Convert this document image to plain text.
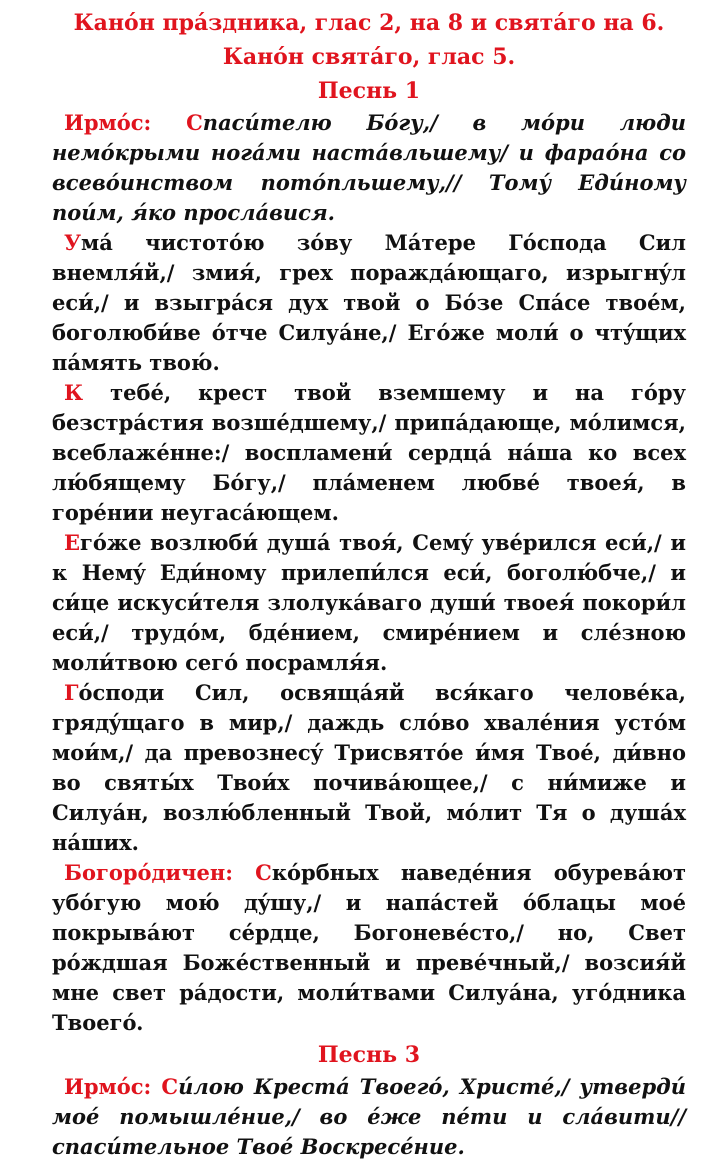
Канóн прáздника, глас 2, на 8 и святáго на 6.
Канóн святáго, глас 5.
Песнь 1

Ирмóс: Спасúтелю Бóгу,/ в мóри люди немóкрыми ногáми настáвльшему/ и фараóна со всевóинством потóпльшему,// Томý Еди́ному пои́м, я́ко прослáвися.

Умá чистотóю зóву Мáтере Гóспода Сил внемля́й,/ змия́, грех пораждáющаго, изрыгнýл еси́,/ и взыгрáся дух твой о Бóзе Спáсе твоéм, боголюби́ве óтче Силуáне,/ Егóже моли́ о чтýщих пáмять твою́.

К тебé, крест твой вземшему и на гóру безстрáстия возшéдшему,/ припáдающе, мóлимся, всеблажéнне:/ воспламени́ сердцá нáша ко всех лю́бящему Бóгу,/ плáменем любвé твоея́, в горéнии неугасáющем.

Егóже возлюби́ душá твоя́, Семý увéрился еси́,/ и к Немý Еди́ному прилепи́лся еси́, боголю́бче,/ и си́це искуси́теля злолукáваго души́ твоея́ покори́л еси́,/ трудóм, бдéнием, смирéнием и слéзною моли́твою сегó посрамля́я.

Гóсподи Сил, освящáяй вся́каго человéка, грядýщаго в мир,/ даждь слóво хвалéния устóм мои́м,/ да превознесý Трисвятóе и́мя Твоé, ди́вно во святы́х Твои́х почивáющее,/ с ни́миже и Силуáн, возлю́бленный Твой, мóлит Тя о душáх нáших.

Богорóдичен: Скóрбных наведéния обуревáют убóгую мою́ дýшу,/ и напáстей óблацы моé покрывáют сéрдце, Богоневéсто,/ но, Свет рóждшая Божéственный и превéчный,/ возсия́й мне свет рáдости, моли́твами Силуáна, угóдника Твоегó.

Песнь 3

Ирмóс: Си́лою Крестá Твоегó, Христé,/ утверди́ моé помышлéние,/ во éже пéти и слáвити// спаси́тельное Твоé Воскресéние.
